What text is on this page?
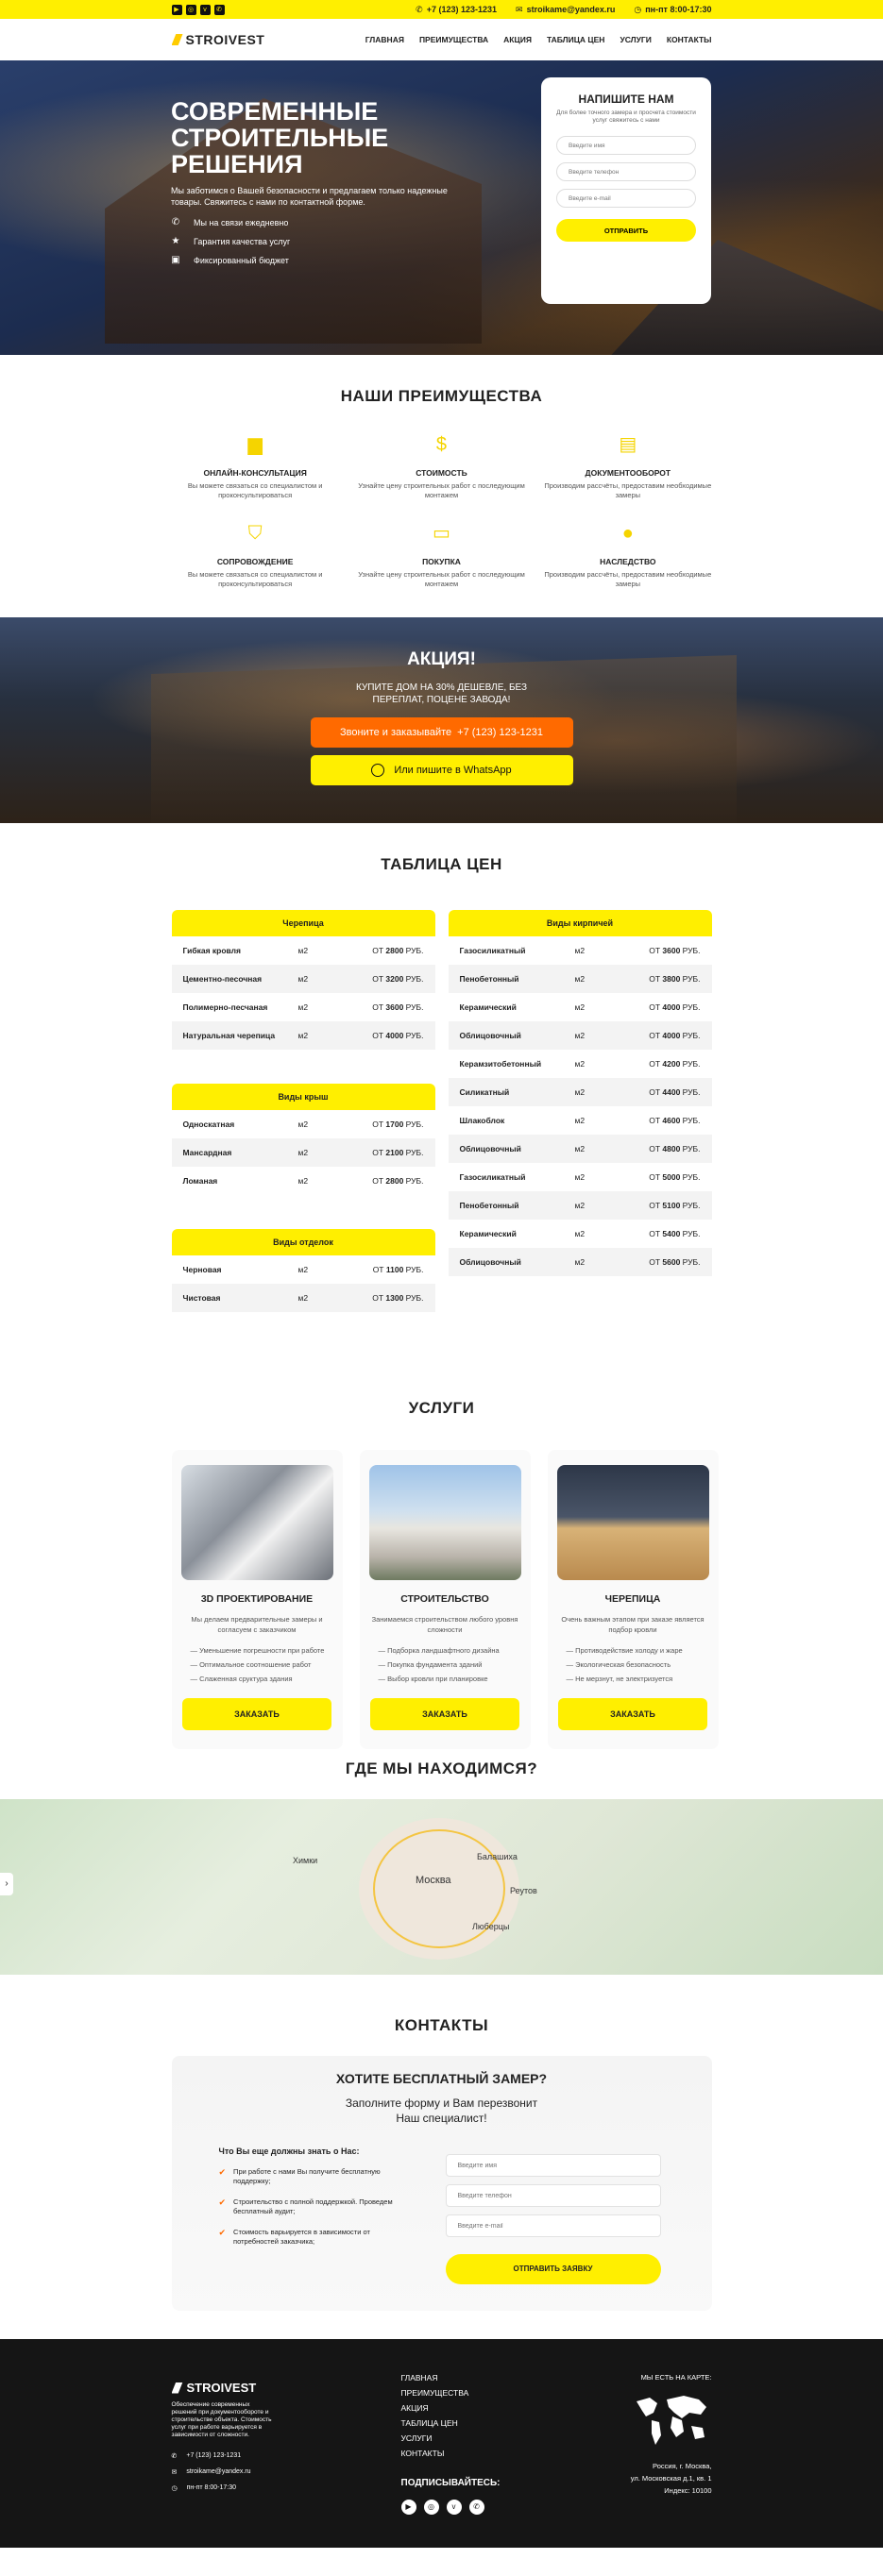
▶	◎	v	✆	✆ +7 (123) 123-1231 ✉ stroikame@yandex.ru ◷ пн-пт 8:00-17:30
STROIVEST	ГЛАВНАЯ ПРЕИМУЩЕСТВА АКЦИЯ ТАБЛИЦА ЦЕН УСЛУГИ КОНТАКТЫ
СОВРЕМЕННЫЕ СТРОИТЕЛЬНЫЕ РЕШЕНИЯ
Мы заботимся о Вашей безопасности и предлагаем только надежные товары. Свяжитесь с нами по контактной форме.
✆ Мы на связи ежедневно
★ Гарантия качества услуг
▣ Фиксированный бюджет
НАПИШИТЕ НАМ
Для более точного замера и просчета стоимости услуг свяжитесь с нами
Введите имя Введите телефон Введите e-mail ОТПРАВИТЬ
НАШИ ПРЕИМУЩЕСТВА
▆
ОНЛАЙН-КОНСУЛЬТАЦИЯ
Вы можете связаться со специалистом и проконсультироваться
$
СТОИМОСТЬ
Узнайте цену строительных работ с последующим монтажем
▤
ДОКУМЕНТООБОРОТ
Производим рассчёты, предоставим необходимые замеры
⛉
СОПРОВОЖДЕНИЕ
Вы можете связаться со специалистом и проконсультироваться
▭
ПОКУПКА
Узнайте цену строительных работ с последующим монтажем
●
НАСЛЕДСТВО
Производим рассчёты, предоставим необходимые замеры
АКЦИЯ!
КУПИТЕ ДОМ НА 30% ДЕШЕВЛЕ, БЕЗ
ПЕРЕПЛАТ, ПОЦЕНЕ ЗАВОДА!
Звоните и заказывайте +7 (123) 123-1231
Или пишите в WhatsApp
ТАБЛИЦА ЦЕН
Черепица
Гибкая кровля	м2	ОТ 2800 РУБ.
Цементно-песочная	м2	ОТ 3200 РУБ.
Полимерно-песчаная	м2	ОТ 3600 РУБ.
Натуральная черепица	м2	ОТ 4000 РУБ.
Виды крыш
Односкатная	м2	ОТ 1700 РУБ.
Мансардная	м2	ОТ 2100 РУБ.
Ломаная	м2	ОТ 2800 РУБ.
Виды отделок
Черновая	м2	ОТ 1100 РУБ.
Чистовая	м2	ОТ 1300 РУБ.
Виды кирпичей
Газосиликатный	м2	ОТ 3600 РУБ.
Пенобетонный	м2	ОТ 3800 РУБ.
Керамический	м2	ОТ 4000 РУБ.
Облицовочный	м2	ОТ 4000 РУБ.
Керамзитобетонный	м2	ОТ 4200 РУБ.
Силикатный	м2	ОТ 4400 РУБ.
Шлакоблок	м2	ОТ 4600 РУБ.
Облицовочный	м2	ОТ 4800 РУБ.
Газосиликатный	м2	ОТ 5000 РУБ.
Пенобетонный	м2	ОТ 5100 РУБ.
Керамический	м2	ОТ 5400 РУБ.
Облицовочный	м2	ОТ 5600 РУБ.
УСЛУГИ
3D ПРОЕКТИРОВАНИЕ
Мы делаем предварительные замеры и согласуем с заказчиком
— Уменьшение погрешности при работе
— Оптимальное соотношение работ
— Слаженная сруктура здания
ЗАКАЗАТЬ
СТРОИТЕЛЬСТВО
Занимаемся строительством любого уровня сложности
— Подборка ландшафтного дизайна
— Покупка фундамента зданий
— Выбор кровли при планировке
ЗАКАЗАТЬ
ЧЕРЕПИЦА
Очень важным этапом при заказе является подбор кровли
— Противодействие холоду и жаре
— Экологическая безопасность
— Не мерзнут, не электризуется
ЗАКАЗАТЬ
ГДЕ МЫ НАХОДИМСЯ?
Москва
Балашиха
Люберцы
Реутов
Химки
›
КОНТАКТЫ
ХОТИТЕ БЕСПЛАТНЫЙ ЗАМЕР?
Заполните форму и Вам перезвонит
Наш специалист!
Что Вы еще должны знать о Нас:
✔ При работе с нами Вы получите бесплатную поддержку;
✔ Строительство с полной поддержкой. Проведем бесплатный аудит;
✔ Стоимость варьируется в зависимости от потребностей заказчика;
Введите имя Введите телефон Введите e-mail
ОТПРАВИТЬ ЗАЯВКУ
STROIVEST
Обеспечение современных решений при документообороте и строительстве объекта. Стоимость услуг при работе варьируется в зависимости от сложности.
✆ +7 (123) 123-1231
✉ stroikame@yandex.ru
◷ пн-пт 8:00-17:30
ГЛАВНАЯ
ПРЕИМУЩЕСТВА
АКЦИЯ
ТАБЛИЦА ЦЕН
УСЛУГИ
КОНТАКТЫ
ПОДПИСЫВАЙТЕСЬ:
▶	◎	v	✆
МЫ ЕСТЬ НА КАРТЕ:
Россия, г. Москва,
ул. Московская д.1, кв. 1
Индекс: 10100
